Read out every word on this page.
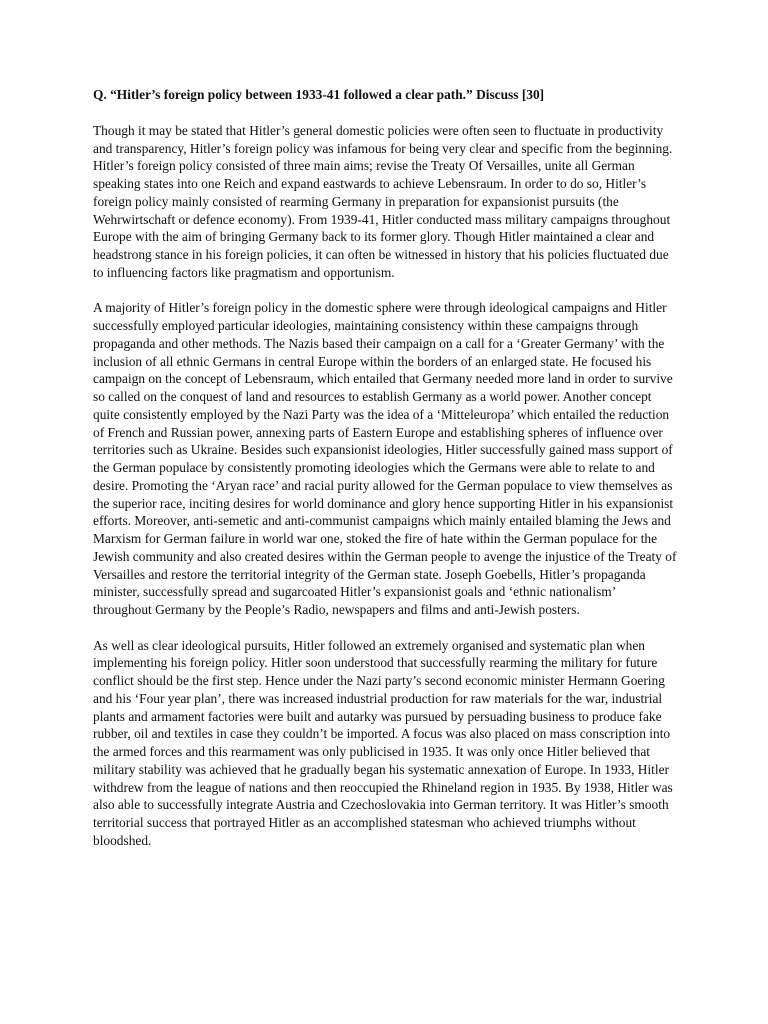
Q. “Hitler’s foreign policy between 1933-41 followed a clear path.” Discuss [30]

Though it may be stated that Hitler’s general domestic policies were often seen to fluctuate in productivity and transparency, Hitler’s foreign policy was infamous for being very clear and specific from the beginning. Hitler’s foreign policy consisted of three main aims; revise the Treaty Of Versailles, unite all German speaking states into one Reich and expand eastwards to achieve Lebensraum. In order to do so, Hitler’s foreign policy mainly consisted of rearming Germany in preparation for expansionist pursuits (the Wehrwirtschaft or defence economy). From 1939-41, Hitler conducted mass military campaigns throughout Europe with the aim of bringing Germany back to its former glory. Though Hitler maintained a clear and headstrong stance in his foreign policies, it can often be witnessed in history that his policies fluctuated due to influencing factors like pragmatism and opportunism.

A majority of Hitler’s foreign policy in the domestic sphere were through ideological campaigns and Hitler successfully employed particular ideologies, maintaining consistency within these campaigns through propaganda and other methods. The Nazis based their campaign on a call for a ‘Greater Germany’ with the inclusion of all ethnic Germans in central Europe within the borders of an enlarged state. He focused his campaign on the concept of Lebensraum, which entailed that Germany needed more land in order to survive so called on the conquest of land and resources to establish Germany as a world power. Another concept quite consistently employed by the Nazi Party was the idea of a ‘Mitteleuropa’ which entailed the reduction of French and Russian power, annexing parts of Eastern Europe and establishing spheres of influence over territories such as Ukraine. Besides such expansionist ideologies, Hitler successfully gained mass support of the German populace by consistently promoting ideologies which the Germans were able to relate to and desire. Promoting the ‘Aryan race’ and racial purity allowed for the German populace to view themselves as the superior race, inciting desires for world dominance and glory hence supporting Hitler in his expansionist efforts. Moreover, anti-semetic and anti-communist campaigns which mainly entailed blaming the Jews and Marxism for German failure in world war one, stoked the fire of hate within the German populace for the Jewish community and also created desires within the German people to avenge the injustice of the Treaty of Versailles and restore the territorial integrity of the German state. Joseph Goebells, Hitler’s propaganda minister, successfully spread and sugarcoated Hitler’s expansionist goals and ‘ethnic nationalism’ throughout Germany by the People’s Radio, newspapers and films and anti-Jewish posters.

As well as clear ideological pursuits, Hitler followed an extremely organised and systematic plan when implementing his foreign policy. Hitler soon understood that successfully rearming the military for future conflict should be the first step. Hence under the Nazi party’s second economic minister Hermann Goering and his ‘Four year plan’, there was increased industrial production for raw materials for the war, industrial plants and armament factories were built and autarky was pursued by persuading business to produce fake rubber, oil and textiles in case they couldn’t be imported. A focus was also placed on mass conscription into the armed forces and this rearmament was only publicised in 1935. It was only once Hitler believed that military stability was achieved that he gradually began his systematic annexation of Europe. In 1933, Hitler withdrew from the league of nations and then reoccupied the Rhineland region in 1935. By 1938, Hitler was also able to successfully integrate Austria and Czechoslovakia into German territory. It was Hitler’s smooth territorial success that portrayed Hitler as an accomplished statesman who achieved triumphs without bloodshed.
